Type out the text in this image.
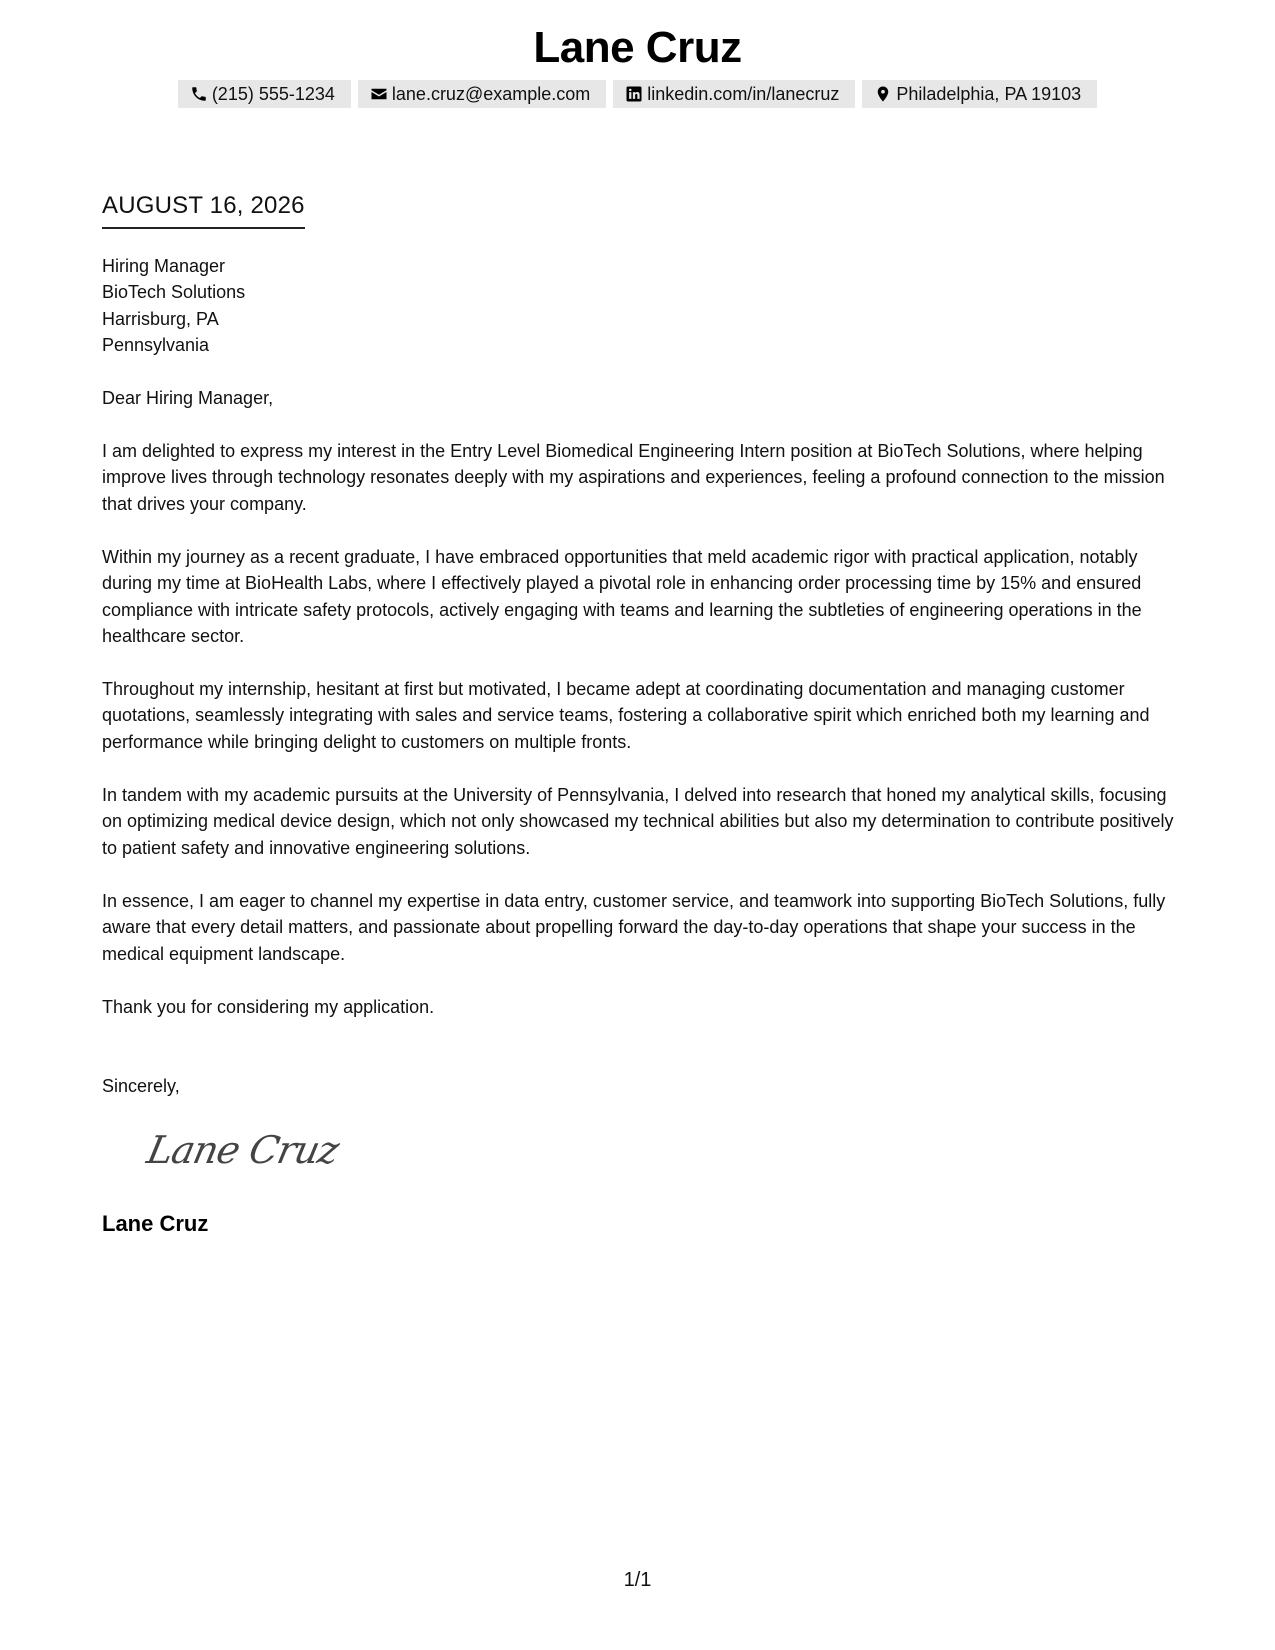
Lane Cruz
(215) 555-1234	lane.cruz@example.com	linkedin.com/in/lanecruz	Philadelphia, PA 19103
AUGUST 16, 2026
Hiring Manager
BioTech Solutions
Harrisburg, PA
Pennsylvania
Dear Hiring Manager,

I am delighted to express my interest in the Entry Level Biomedical Engineering Intern position at BioTech Solutions, where helping improve lives through technology resonates deeply with my aspirations and experiences, feeling a profound connection to the mission that drives your company.

Within my journey as a recent graduate, I have embraced opportunities that meld academic rigor with practical application, notably during my time at BioHealth Labs, where I effectively played a pivotal role in enhancing order processing time by 15% and ensured compliance with intricate safety protocols, actively engaging with teams and learning the subtleties of engineering operations in the healthcare sector.

Throughout my internship, hesitant at first but motivated, I became adept at coordinating documentation and managing customer quotations, seamlessly integrating with sales and service teams, fostering a collaborative spirit which enriched both my learning and performance while bringing delight to customers on multiple fronts.

In tandem with my academic pursuits at the University of Pennsylvania, I delved into research that honed my analytical skills, focusing on optimizing medical device design, which not only showcased my technical abilities but also my determination to contribute positively to patient safety and innovative engineering solutions.

In essence, I am eager to channel my expertise in data entry, customer service, and teamwork into supporting BioTech Solutions, fully aware that every detail matters, and passionate about propelling forward the day-to-day operations that shape your success in the medical equipment landscape.

Thank you for considering my application.
Sincerely,
Lane Cruz
Lane Cruz
1/1
